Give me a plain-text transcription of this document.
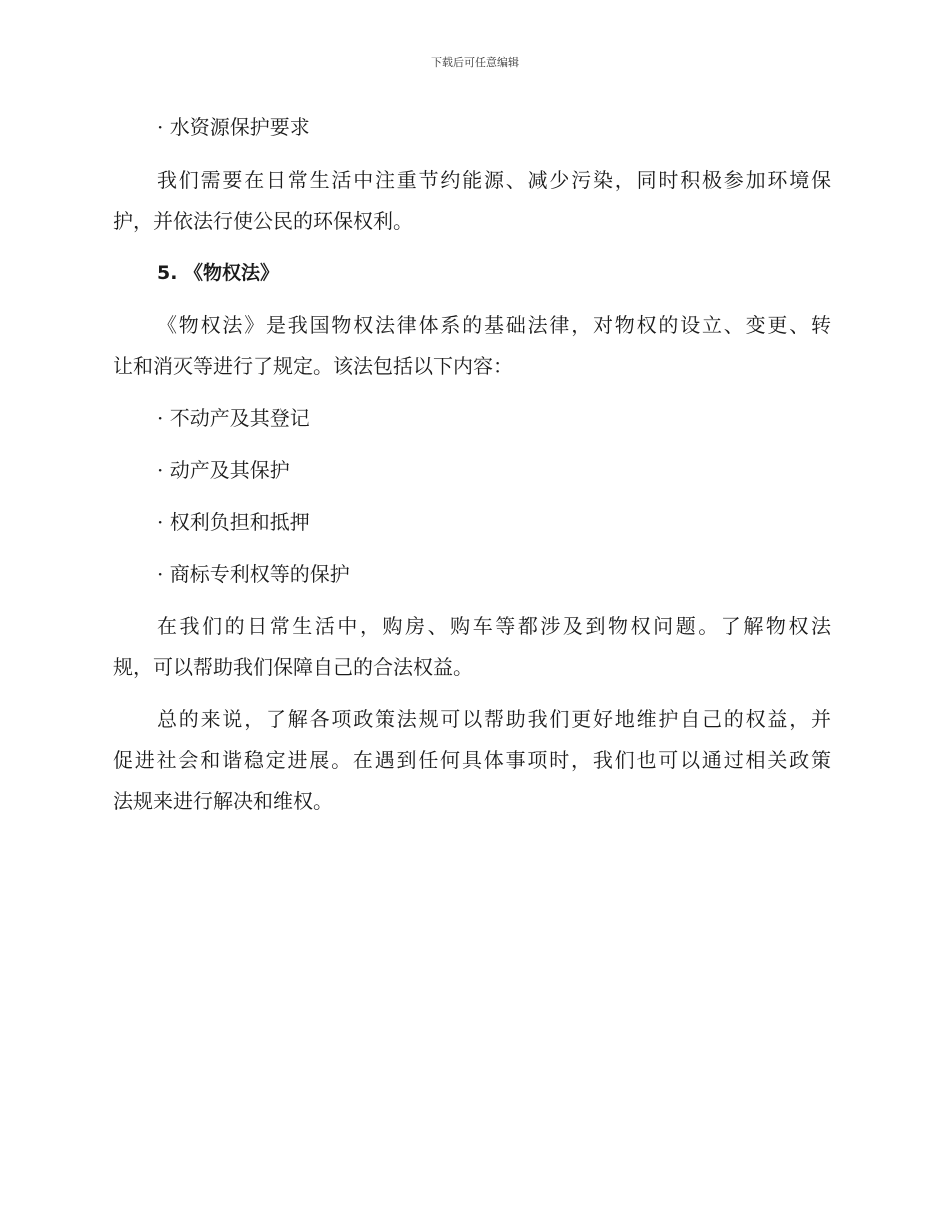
下载后可任意编辑
· 水资源保护要求
我们需要在日常生活中注重节约能源、减少污染，同时积极参加环境保
护，并依法行使公民的环保权利。
5. 《物权法》
《物权法》是我国物权法律体系的基础法律，对物权的设立、变更、转
让和消灭等进行了规定。该法包括以下内容：
· 不动产及其登记
· 动产及其保护
· 权利负担和抵押
· 商标专利权等的保护
在我们的日常生活中，购房、购车等都涉及到物权问题。了解物权法
规，可以帮助我们保障自己的合法权益。
总的来说，了解各项政策法规可以帮助我们更好地维护自己的权益，并
促进社会和谐稳定进展。在遇到任何具体事项时，我们也可以通过相关政策
法规来进行解决和维权。
